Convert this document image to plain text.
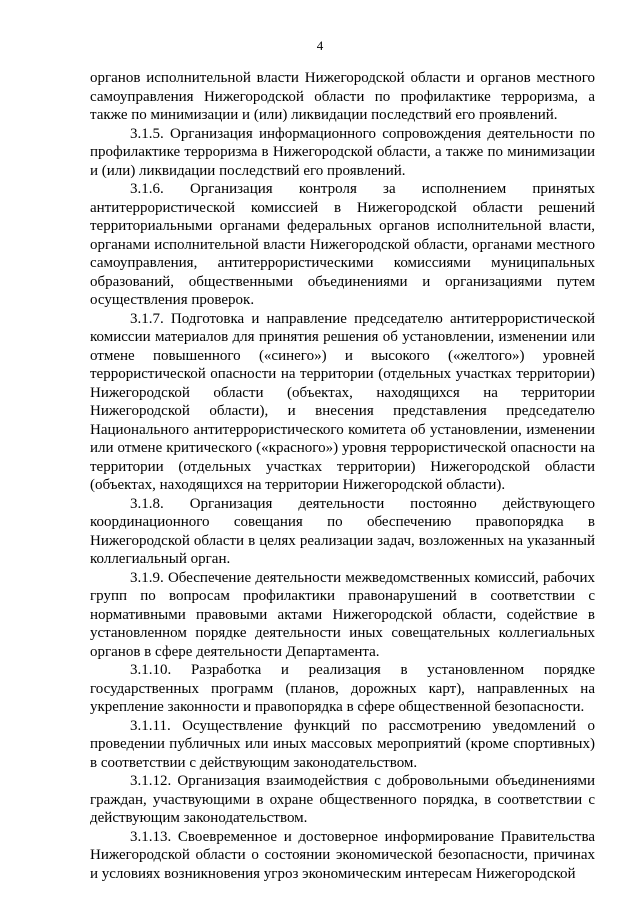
4

органов исполнительной власти Нижегородской области и органов местного самоуправления Нижегородской области по профилактике терроризма, а также по минимизации и (или) ликвидации последствий его проявлений.

3.1.5. Организация информационного сопровождения деятельности по профилактике терроризма в Нижегородской области, а также по минимизации и (или) ликвидации последствий его проявлений.

3.1.6. Организация контроля за исполнением принятых антитеррористической комиссией в Нижегородской области решений территориальными органами федеральных органов исполнительной власти, органами исполнительной власти Нижегородской области, органами местного самоуправления, антитеррористическими комиссиями муниципальных образований, общественными объединениями и организациями путем осуществления проверок.

3.1.7. Подготовка и направление председателю антитеррористической комиссии материалов для принятия решения об установлении, изменении или отмене повышенного («синего») и высокого («желтого») уровней террористической опасности на территории (отдельных участках территории) Нижегородской области (объектах, находящихся на территории Нижегородской области), и внесения представления председателю Национального антитеррористического комитета об установлении, изменении или отмене критического («красного») уровня террористической опасности на территории (отдельных участках территории) Нижегородской области (объектах, находящихся на территории Нижегородской области).

3.1.8. Организация деятельности постоянно действующего координационного совещания по обеспечению правопорядка в Нижегородской области в целях реализации задач, возложенных на указанный коллегиальный орган.

3.1.9. Обеспечение деятельности межведомственных комиссий, рабочих групп по вопросам профилактики правонарушений в соответствии с нормативными правовыми актами Нижегородской области, содействие в установленном порядке деятельности иных совещательных коллегиальных органов в сфере деятельности Департамента.

3.1.10. Разработка и реализация в установленном порядке государственных программ (планов, дорожных карт), направленных на укрепление законности и правопорядка в сфере общественной безопасности.

3.1.11. Осуществление функций по рассмотрению уведомлений о проведении публичных или иных массовых мероприятий (кроме спортивных) в соответствии с действующим законодательством.

3.1.12. Организация взаимодействия с добровольными объединениями граждан, участвующими в охране общественного порядка, в соответствии с действующим законодательством.

3.1.13. Своевременное и достоверное информирование Правительства Нижегородской области о состоянии экономической безопасности, причинах и условиях возникновения угроз экономическим интересам Нижегородской
